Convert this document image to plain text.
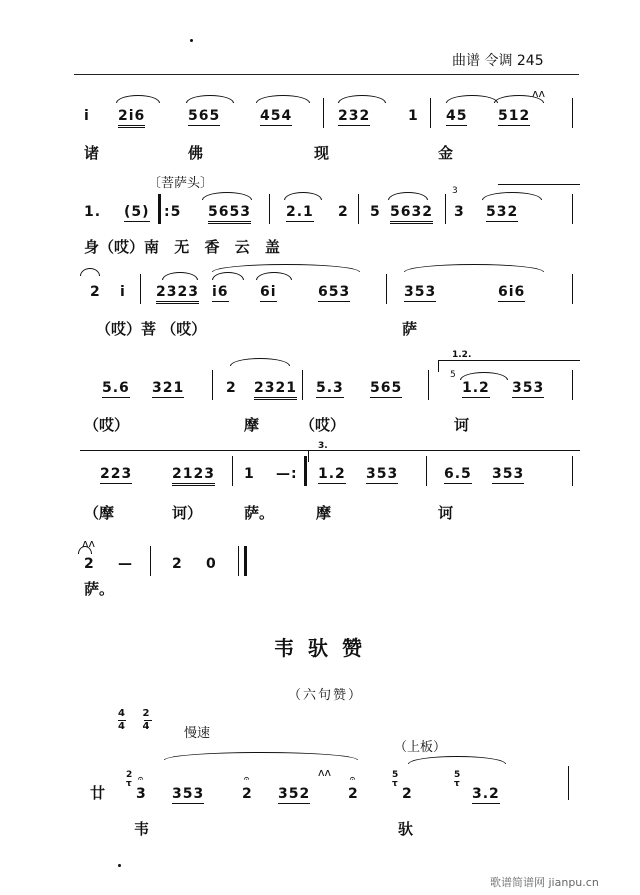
曲谱 令调 245
ʌʌ
i 2i6	565	454	232	1 45 512
诸	佛	现	金
〔菩萨头〕	3
1. (5) :5 5653	2.1 2 5 5632 3 532
身（哎）南 无 香 云 盖
2 i 2323 i6 6i	653	353	6i6
（哎）菩 （哎）	萨
1.2.
5
5.6 321	2 2321 5.3 565	1.2 353
（哎）	摩	（哎）	诃
3.
223	2123 1 —: 1.2 353	6.5 353
（摩	诃）	萨。	摩	诃
ʌʌ
2 —	2 0
萨。
韦驮赞
（六句赞）
4 2
4 4	慢速
（上板）
ʌʌ
2
τ 𝄐	𝄐	𝄐	5
τ
5
τ
廿 3 353	2 352	2	2	3.2
韦	驮
歌谱简谱网 jianpu.cn
